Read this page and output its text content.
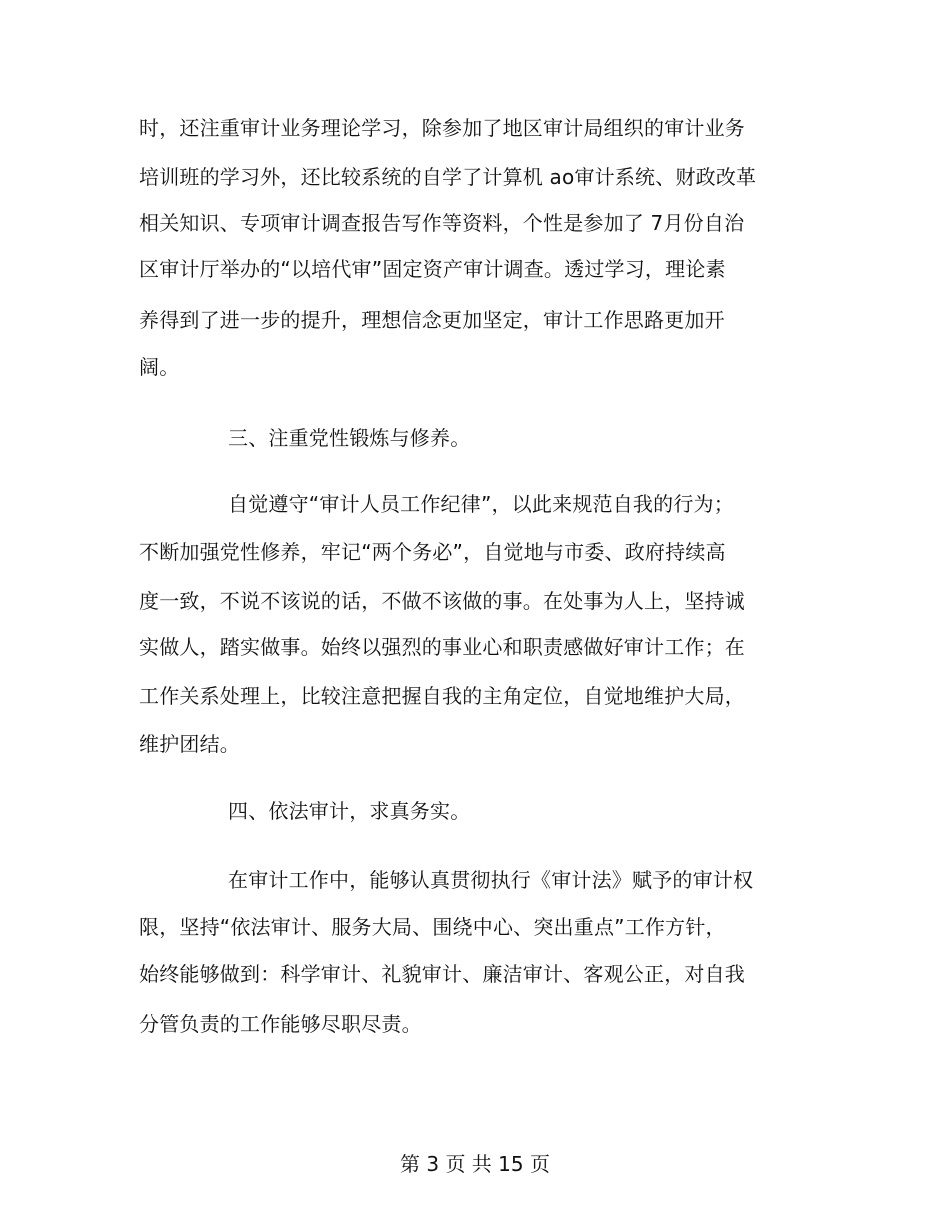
时，还注重审计业务理论学习，除参加了地区审计局组织的审计业务
培训班的学习外，还比较系统的自学了计算机 ao审计系统、财政改革
相关知识、专项审计调查报告写作等资料，个性是参加了 7月份自治
区审计厅举办的“以培代审”固定资产审计调查。透过学习，理论素
养得到了进一步的提升，理想信念更加坚定，审计工作思路更加开
阔。
三、注重党性锻炼与修养。
自觉遵守“审计人员工作纪律”，以此来规范自我的行为；
不断加强党性修养，牢记“两个务必”，自觉地与市委、政府持续高
度一致，不说不该说的话，不做不该做的事。在处事为人上，坚持诚
实做人，踏实做事。始终以强烈的事业心和职责感做好审计工作；在
工作关系处理上，比较注意把握自我的主角定位，自觉地维护大局，
维护团结。
四、依法审计，求真务实。
在审计工作中，能够认真贯彻执行《审计法》赋予的审计权
限，坚持“依法审计、服务大局、围绕中心、突出重点”工作方针，
始终能够做到：科学审计、礼貌审计、廉洁审计、客观公正，对自我
分管负责的工作能够尽职尽责。
第 3 页 共 15 页
